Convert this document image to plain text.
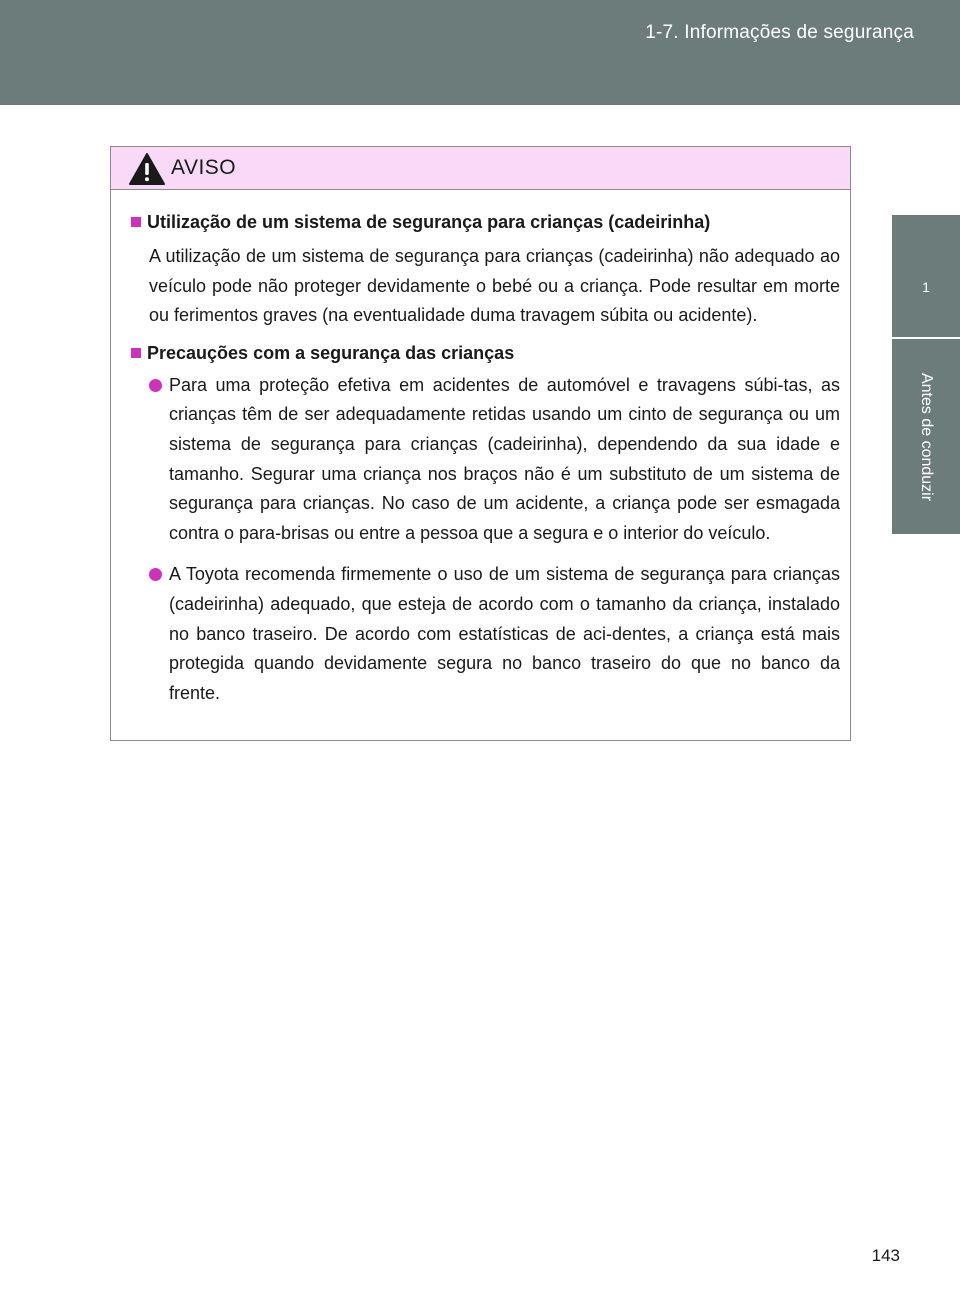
1-7. Informações de segurança
1
Antes de conduzir
AVISO
Utilização de um sistema de segurança para crianças (cadeirinha)

A utilização de um sistema de segurança para crianças (cadeirinha) não adequado ao veículo pode não proteger devidamente o bebé ou a criança. Pode resultar em morte ou ferimentos graves (na eventualidade duma travagem súbita ou acidente).

Precauções com a segurança das crianças
Para uma proteção efetiva em acidentes de automóvel e travagens súbi-tas, as crianças têm de ser adequadamente retidas usando um cinto de segurança ou um sistema de segurança para crianças (cadeirinha), dependendo da sua idade e tamanho. Segurar uma criança nos braços não é um substituto de um sistema de segurança para crianças. No caso de um acidente, a criança pode ser esmagada contra o para-brisas ou entre a pessoa que a segura e o interior do veículo.
A Toyota recomenda firmemente o uso de um sistema de segurança para crianças (cadeirinha) adequado, que esteja de acordo com o tamanho da criança, instalado no banco traseiro. De acordo com estatísticas de aci-dentes, a criança está mais protegida quando devidamente segura no banco traseiro do que no banco da frente.
143
